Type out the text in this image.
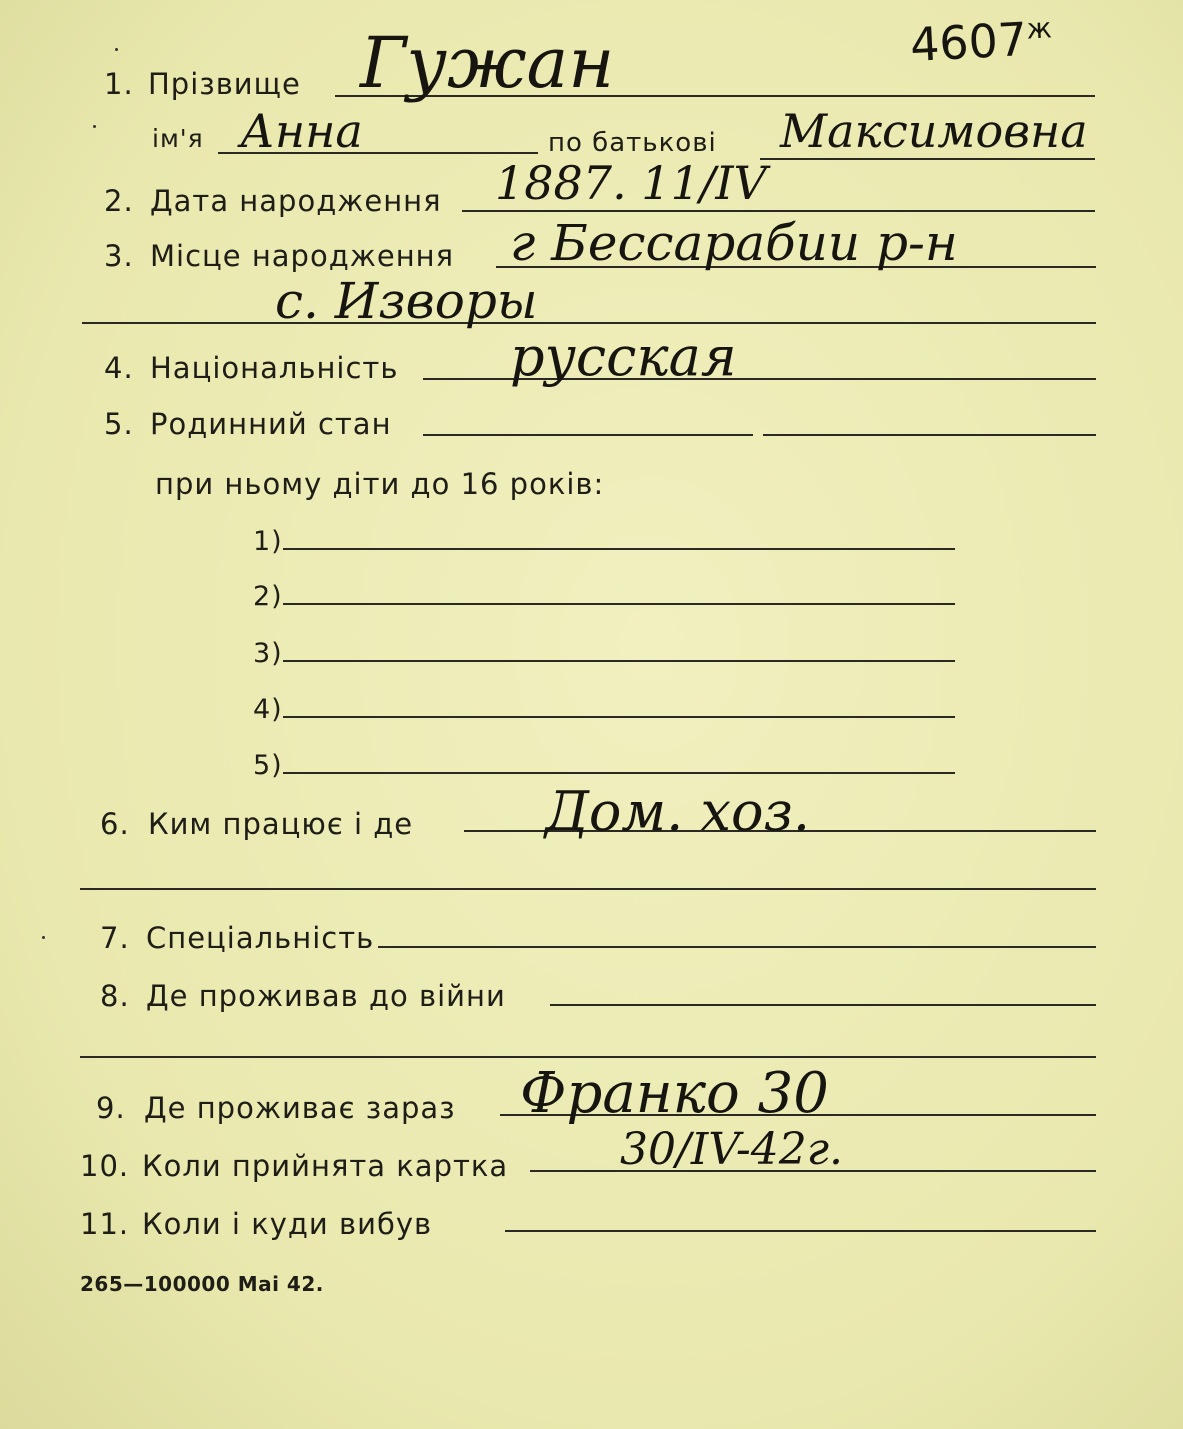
$4607^ж$
1. Прізвище Гужан
ім'я Анна	по батькові Максимовна
2. Дата народження 1887. 11/IV
3. Місце народження г Бессарабии р-н
с. Изворы
4. Національність русская
5. Родинний стан
при ньому діти до 16 років:
1)
2)
3)
4)
5)
6. Ким працює і де Дом. хоз.
7. Спеціальність
8. Де проживав до війни
9. Де проживає зараз Франко 30
10. Коли прийнята картка	30/IV-42г.
11. Коли і куди вибув
265—100000 Mai 42.
